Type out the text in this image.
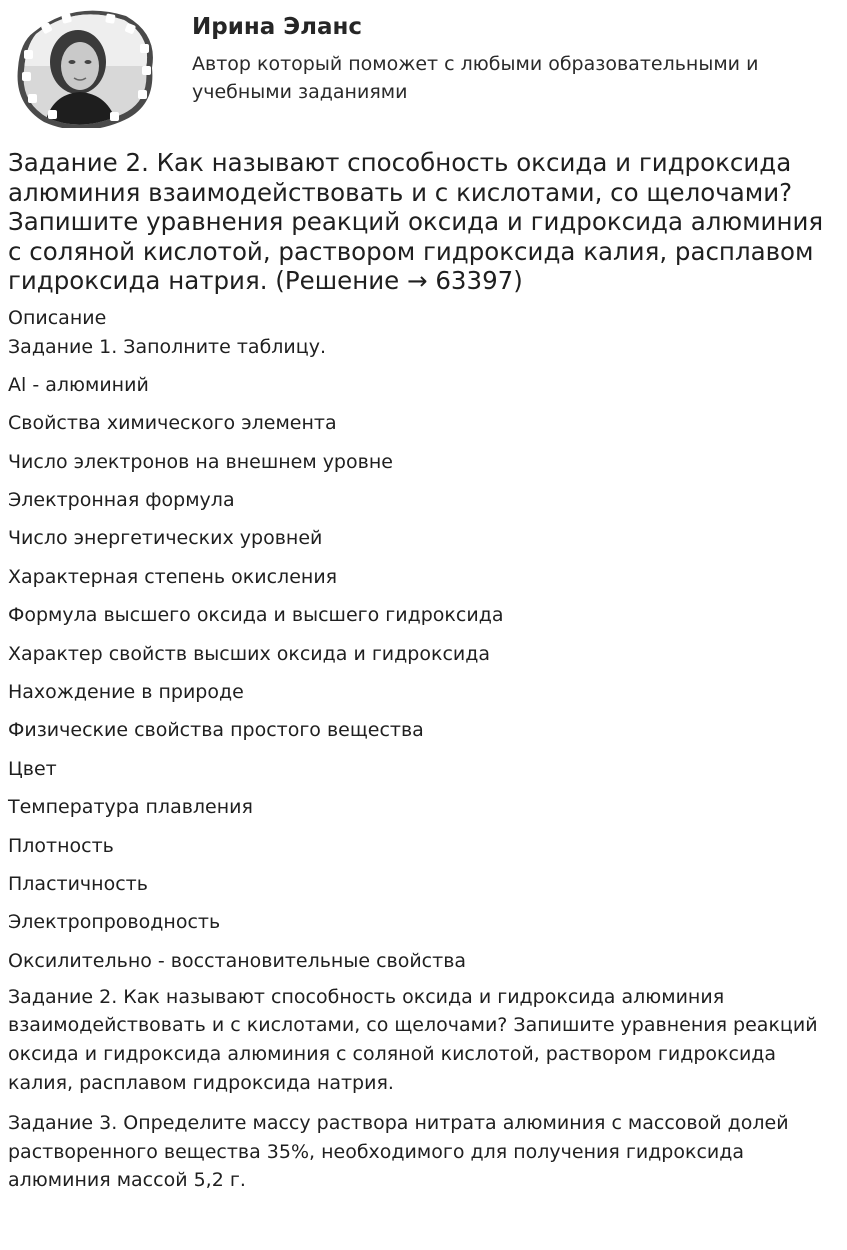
Ирина Эланс

Автор который поможет с любыми образовательными и учебными заданиями

Задание 2. Как называют способность оксида и гидроксида алюминия взаимодействовать и с кислотами, со щелочами? Запишите уравнения реакций оксида и гидроксида алюминия с соляной кислотой, раствором гидроксида калия, расплавом гидроксида натрия. (Решение → 63397)
Описание
Задание 1. Заполните таблицу.
Al - алюминий
Свойства химического элемента
Число электронов на внешнем уровне
Электронная формула
Число энергетических уровней
Характерная степень окисления
Формула высшего оксида и высшего гидроксида
Характер свойств высших оксида и гидроксида
Нахождение в природе
Физические свойства простого вещества
Цвет
Температура плавления
Плотность
Пластичность
Электропроводность
Оксилительно - восстановительные свойства

Задание 2. Как называют способность оксида и гидроксида алюминия взаимодействовать и с кислотами, со щелочами? Запишите уравнения реакций оксида и гидроксида алюминия с соляной кислотой, раствором гидроксида калия, расплавом гидроксида натрия.

Задание 3. Определите массу раствора нитрата алюминия с массовой долей растворенного вещества 35%, необходимого для получения гидроксида алюминия массой 5,2 г.
